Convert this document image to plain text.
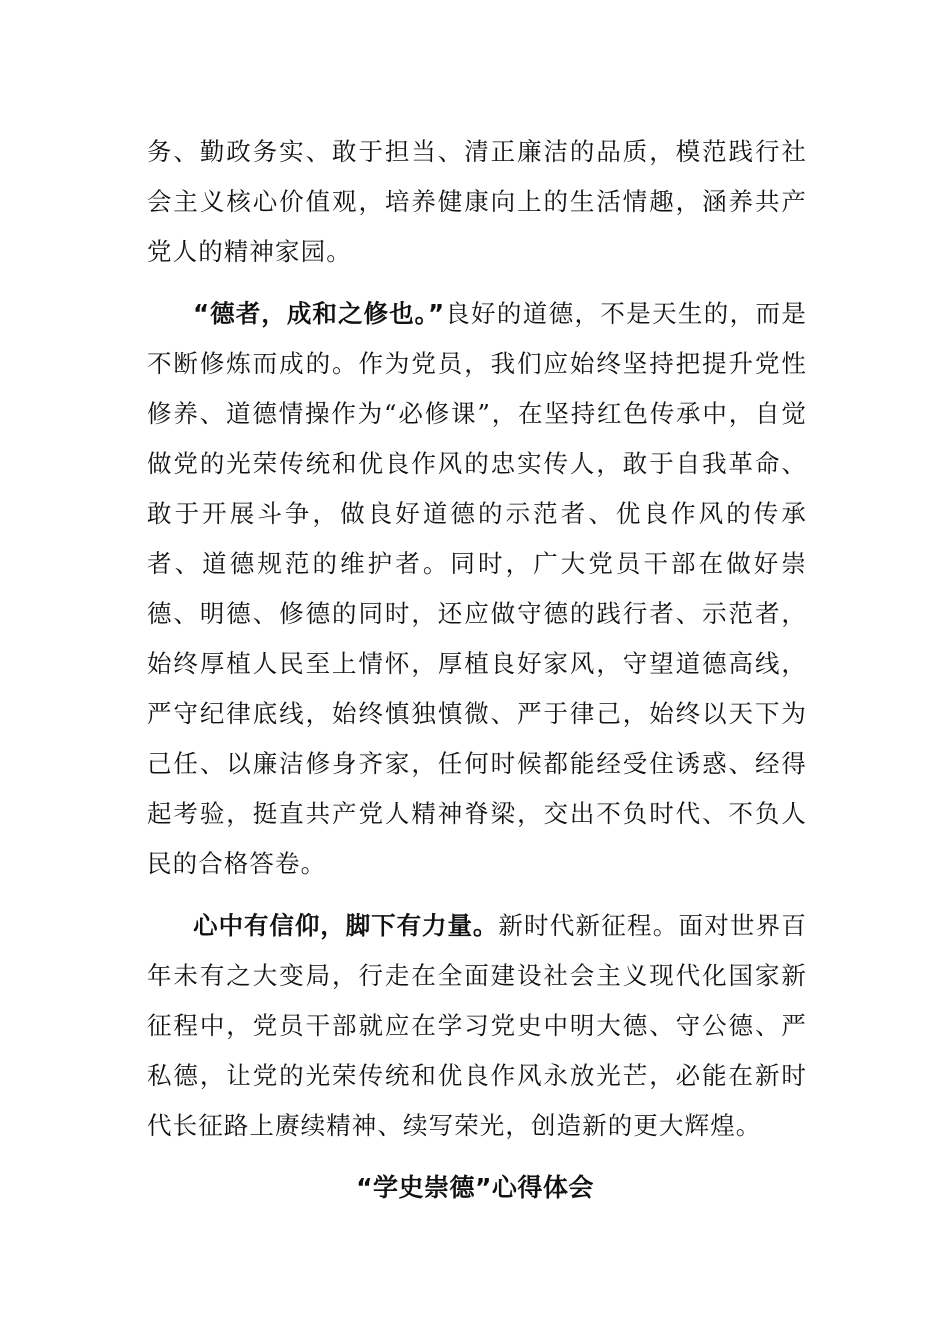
务、勤政务实、敢于担当、清正廉洁的品质，模范践行社会主义核心价值观，培养健康向上的生活情趣，涵养共产党人的精神家园。

“德者，成和之修也。”良好的道德，不是天生的，而是不断修炼而成的。作为党员，我们应始终坚持把提升党性修养、道德情操作为“必修课”，在坚持红色传承中，自觉做党的光荣传统和优良作风的忠实传人，敢于自我革命、敢于开展斗争，做良好道德的示范者、优良作风的传承者、道德规范的维护者。同时，广大党员干部在做好崇德、明德、修德的同时，还应做守德的践行者、示范者，始终厚植人民至上情怀，厚植良好家风，守望道德高线，严守纪律底线，始终慎独慎微、严于律己，始终以天下为己任、以廉洁修身齐家，任何时候都能经受住诱惑、经得起考验，挺直共产党人精神脊梁，交出不负时代、不负人民的合格答卷。

心中有信仰，脚下有力量。新时代新征程。面对世界百年未有之大变局，行走在全面建设社会主义现代化国家新征程中，党员干部就应在学习党史中明大德、守公德、严私德，让党的光荣传统和优良作风永放光芒，必能在新时代长征路上赓续精神、续写荣光，创造新的更大辉煌。

“学史崇德”心得体会
